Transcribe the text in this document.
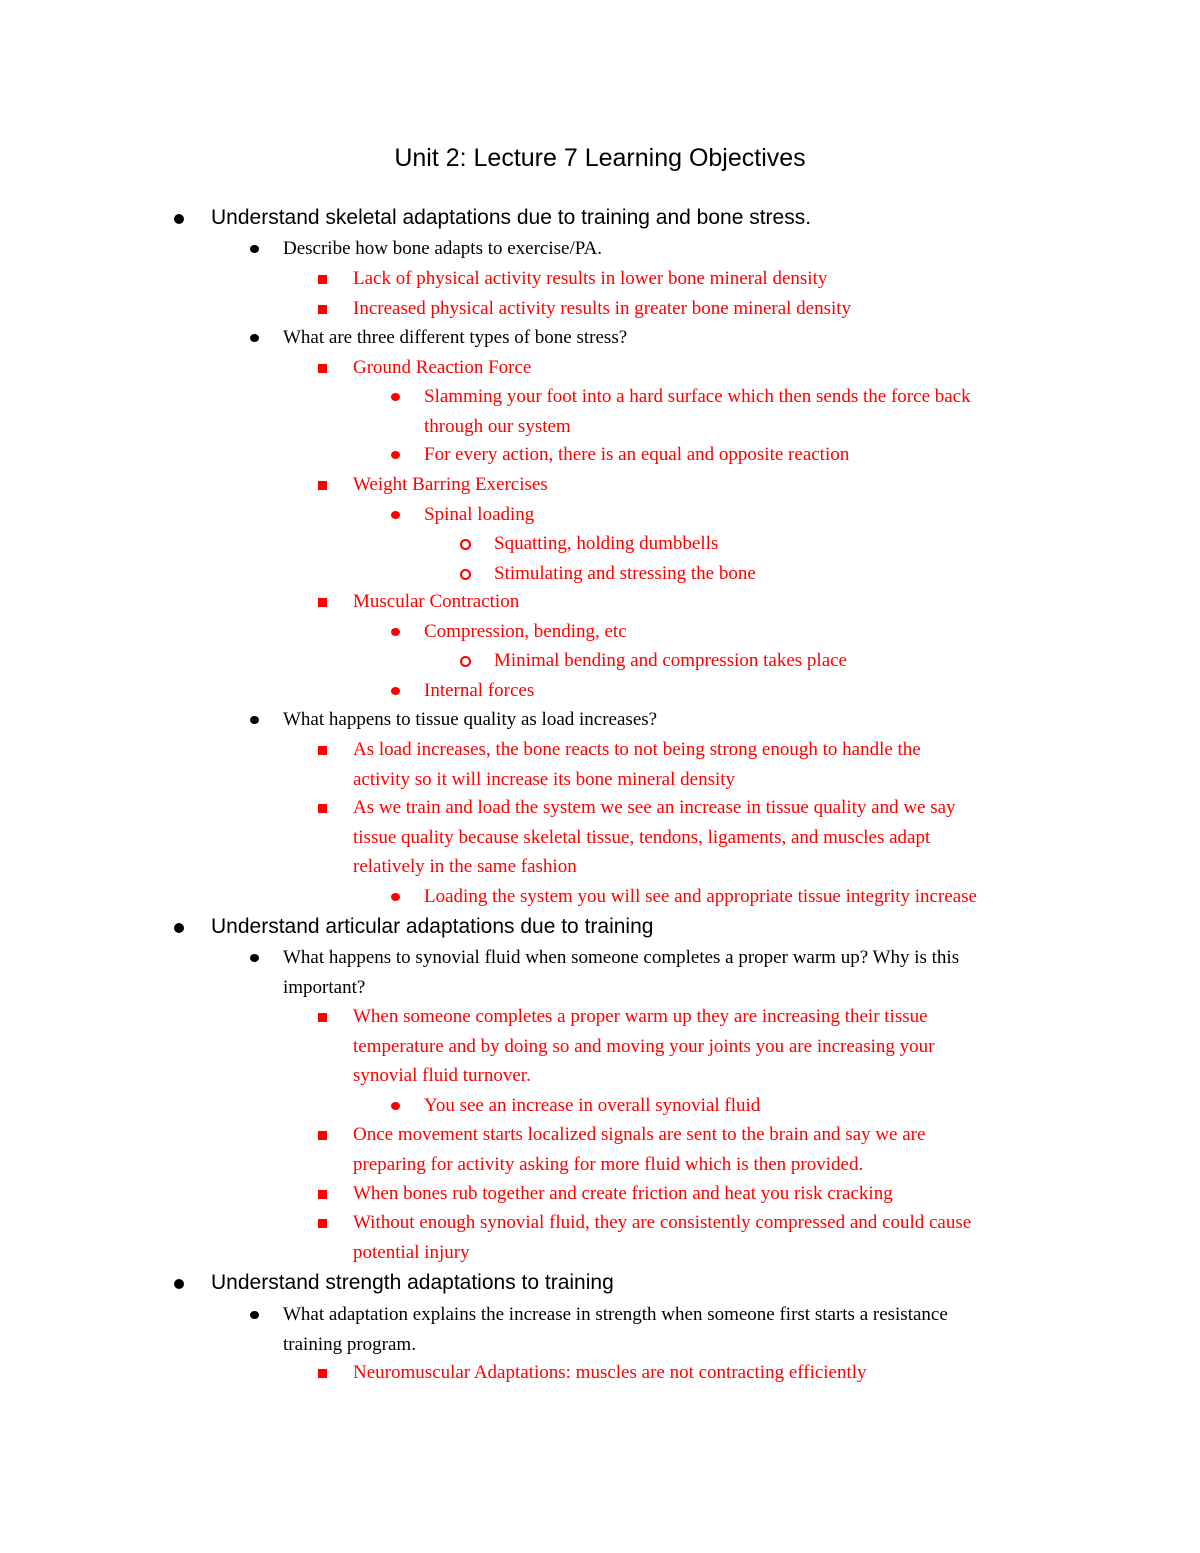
Unit 2: Lecture 7 Learning Objectives
Understand skeletal adaptations due to training and bone stress.
Describe how bone adapts to exercise/PA.
Lack of physical activity results in lower bone mineral density
Increased physical activity results in greater bone mineral density
What are three different types of bone stress?
Ground Reaction Force
Slamming your foot into a hard surface which then sends the force back
through our system
For every action, there is an equal and opposite reaction
Weight Barring Exercises
Spinal loading
Squatting, holding dumbbells
Stimulating and stressing the bone
Muscular Contraction
Compression, bending, etc
Minimal bending and compression takes place
Internal forces
What happens to tissue quality as load increases?
As load increases, the bone reacts to not being strong enough to handle the
activity so it will increase its bone mineral density
As we train and load the system we see an increase in tissue quality and we say
tissue quality because skeletal tissue, tendons, ligaments, and muscles adapt
relatively in the same fashion
Loading the system you will see and appropriate tissue integrity increase
Understand articular adaptations due to training
What happens to synovial fluid when someone completes a proper warm up? Why is this
important?
When someone completes a proper warm up they are increasing their tissue
temperature and by doing so and moving your joints you are increasing your
synovial fluid turnover.
You see an increase in overall synovial fluid
Once movement starts localized signals are sent to the brain and say we are
preparing for activity asking for more fluid which is then provided.
When bones rub together and create friction and heat you risk cracking
Without enough synovial fluid, they are consistently compressed and could cause
potential injury
Understand strength adaptations to training
What adaptation explains the increase in strength when someone first starts a resistance
training program.
Neuromuscular Adaptations: muscles are not contracting efficiently
